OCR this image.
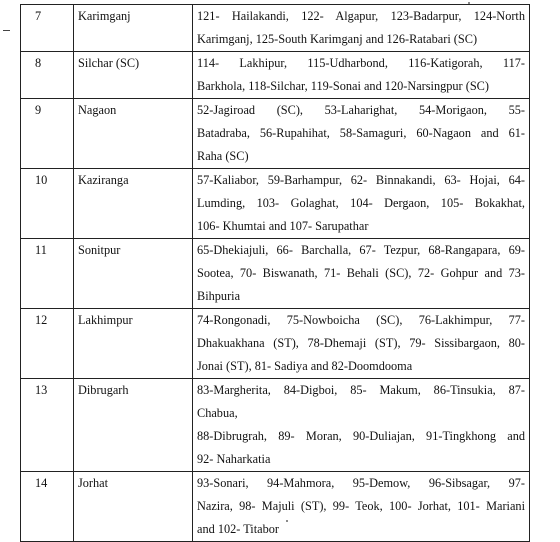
7	Karimganj	121- Hailakandi, 122- Algapur, 123-Badarpur, 124-North
Karimganj, 125-South Karimganj and 126-Ratabari (SC)

8	Silchar (SC)	114- Lakhipur, 115-Udharbond, 116-Katigorah, 117-
Barkhola, 118-Silchar, 119-Sonai and 120-Narsingpur (SC)

9	Nagaon	52-Jagiroad (SC), 53-Laharighat, 54-Morigaon, 55-
Batadraba, 56-Rupahihat, 58-Samaguri, 60-Nagaon and 61-
Raha (SC)

10	Kaziranga	57-Kaliabor, 59-Barhampur, 62- Binnakandi, 63- Hojai, 64-
Lumding, 103- Golaghat, 104- Dergaon, 105- Bokakhat,
106- Khumtai and 107- Sarupathar

11	Sonitpur	65-Dhekiajuli, 66- Barchalla, 67- Tezpur, 68-Rangapara, 69-
Sootea, 70- Biswanath, 71- Behali (SC), 72- Gohpur and 73-
Bihpuria

12	Lakhimpur	74-Rongonadi, 75-Nowboicha (SC), 76-Lakhimpur, 77-
Dhakuakhana (ST), 78-Dhemaji (ST), 79- Sissibargaon, 80-
Jonai (ST), 81- Sadiya and 82-Doomdooma

13	Dibrugarh	83-Margherita, 84-Digboi, 85- Makum, 86-Tinsukia, 87-
Chabua,
88-Dibrugrah, 89- Moran, 90-Duliajan, 91-Tingkhong and
92- Naharkatia

14	Jorhat	93-Sonari, 94-Mahmora, 95-Demow, 96-Sibsagar, 97-
Nazira, 98- Majuli (ST), 99- Teok, 100- Jorhat, 101- Mariani
and 102- Titabor
